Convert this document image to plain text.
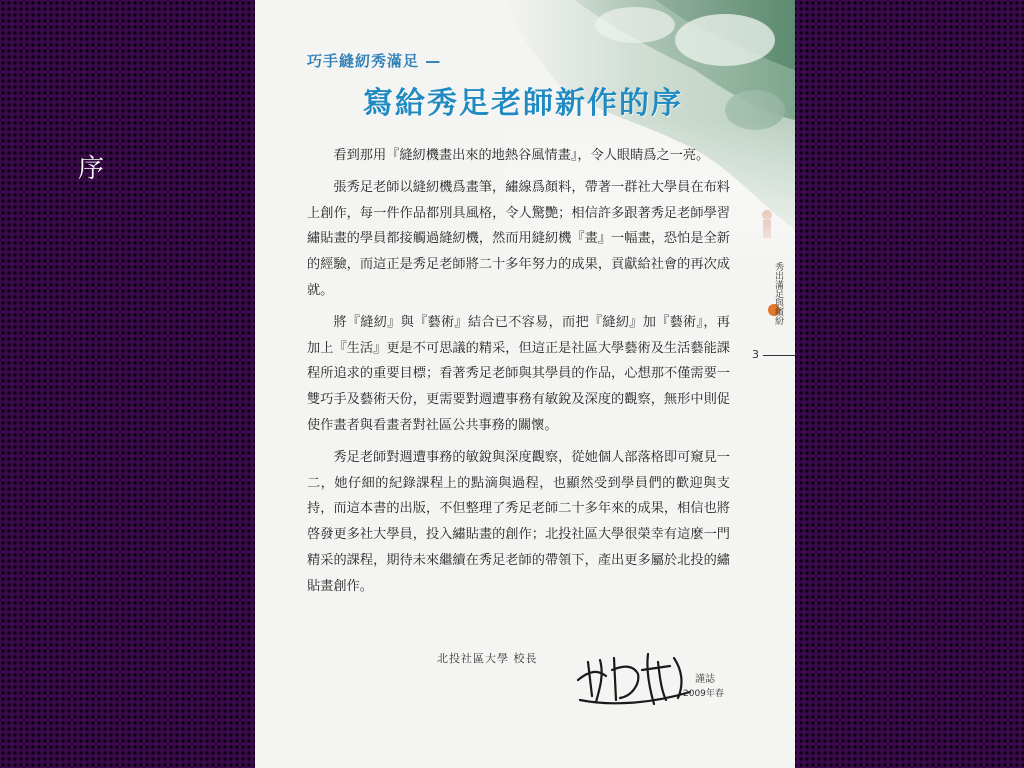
序
巧手縫紉秀滿足 —
寫給秀足老師新作的序

看到那用『縫紉機畫出來的地熱谷風情畫』，令人眼睛爲之一亮。

張秀足老師以縫紉機爲畫筆，繡線爲顏料，帶著一群社大學員在布料上創作，每一件作品都別具風格，令人驚艷；相信許多跟著秀足老師學習繡貼畫的學員都接觸過縫紉機，然而用縫紉機『畫』一幅畫，恐怕是全新的經驗，而這正是秀足老師將二十多年努力的成果，貢獻給社會的再次成就。

將『縫紉』與『藝術』結合已不容易，而把『縫紉』加『藝術』，再加上『生活』更是不可思議的精采，但這正是社區大學藝術及生活藝能課程所追求的重要目標；看著秀足老師與其學員的作品，心想那不僅需要一雙巧手及藝術天份，更需要對週遭事務有敏銳及深度的觀察，無形中則促使作畫者與看畫者對社區公共事務的關懷。

秀足老師對週遭事務的敏銳與深度觀察，從她個人部落格即可窺見一二，她仔細的紀錄課程上的點滴與過程，也顯然受到學員們的歡迎與支持，而這本書的出版，不但整理了秀足老師二十多年來的成果，相信也將啓發更多社大學員，投入繡貼畫的創作；北投社區大學很榮幸有這麼一門精采的課程，期待未來繼續在秀足老師的帶領下，產出更多屬於北投的繡貼畫創作。

北投社區大學 校長
謹誌
2009年春
秀出滿足與繽紛
3
